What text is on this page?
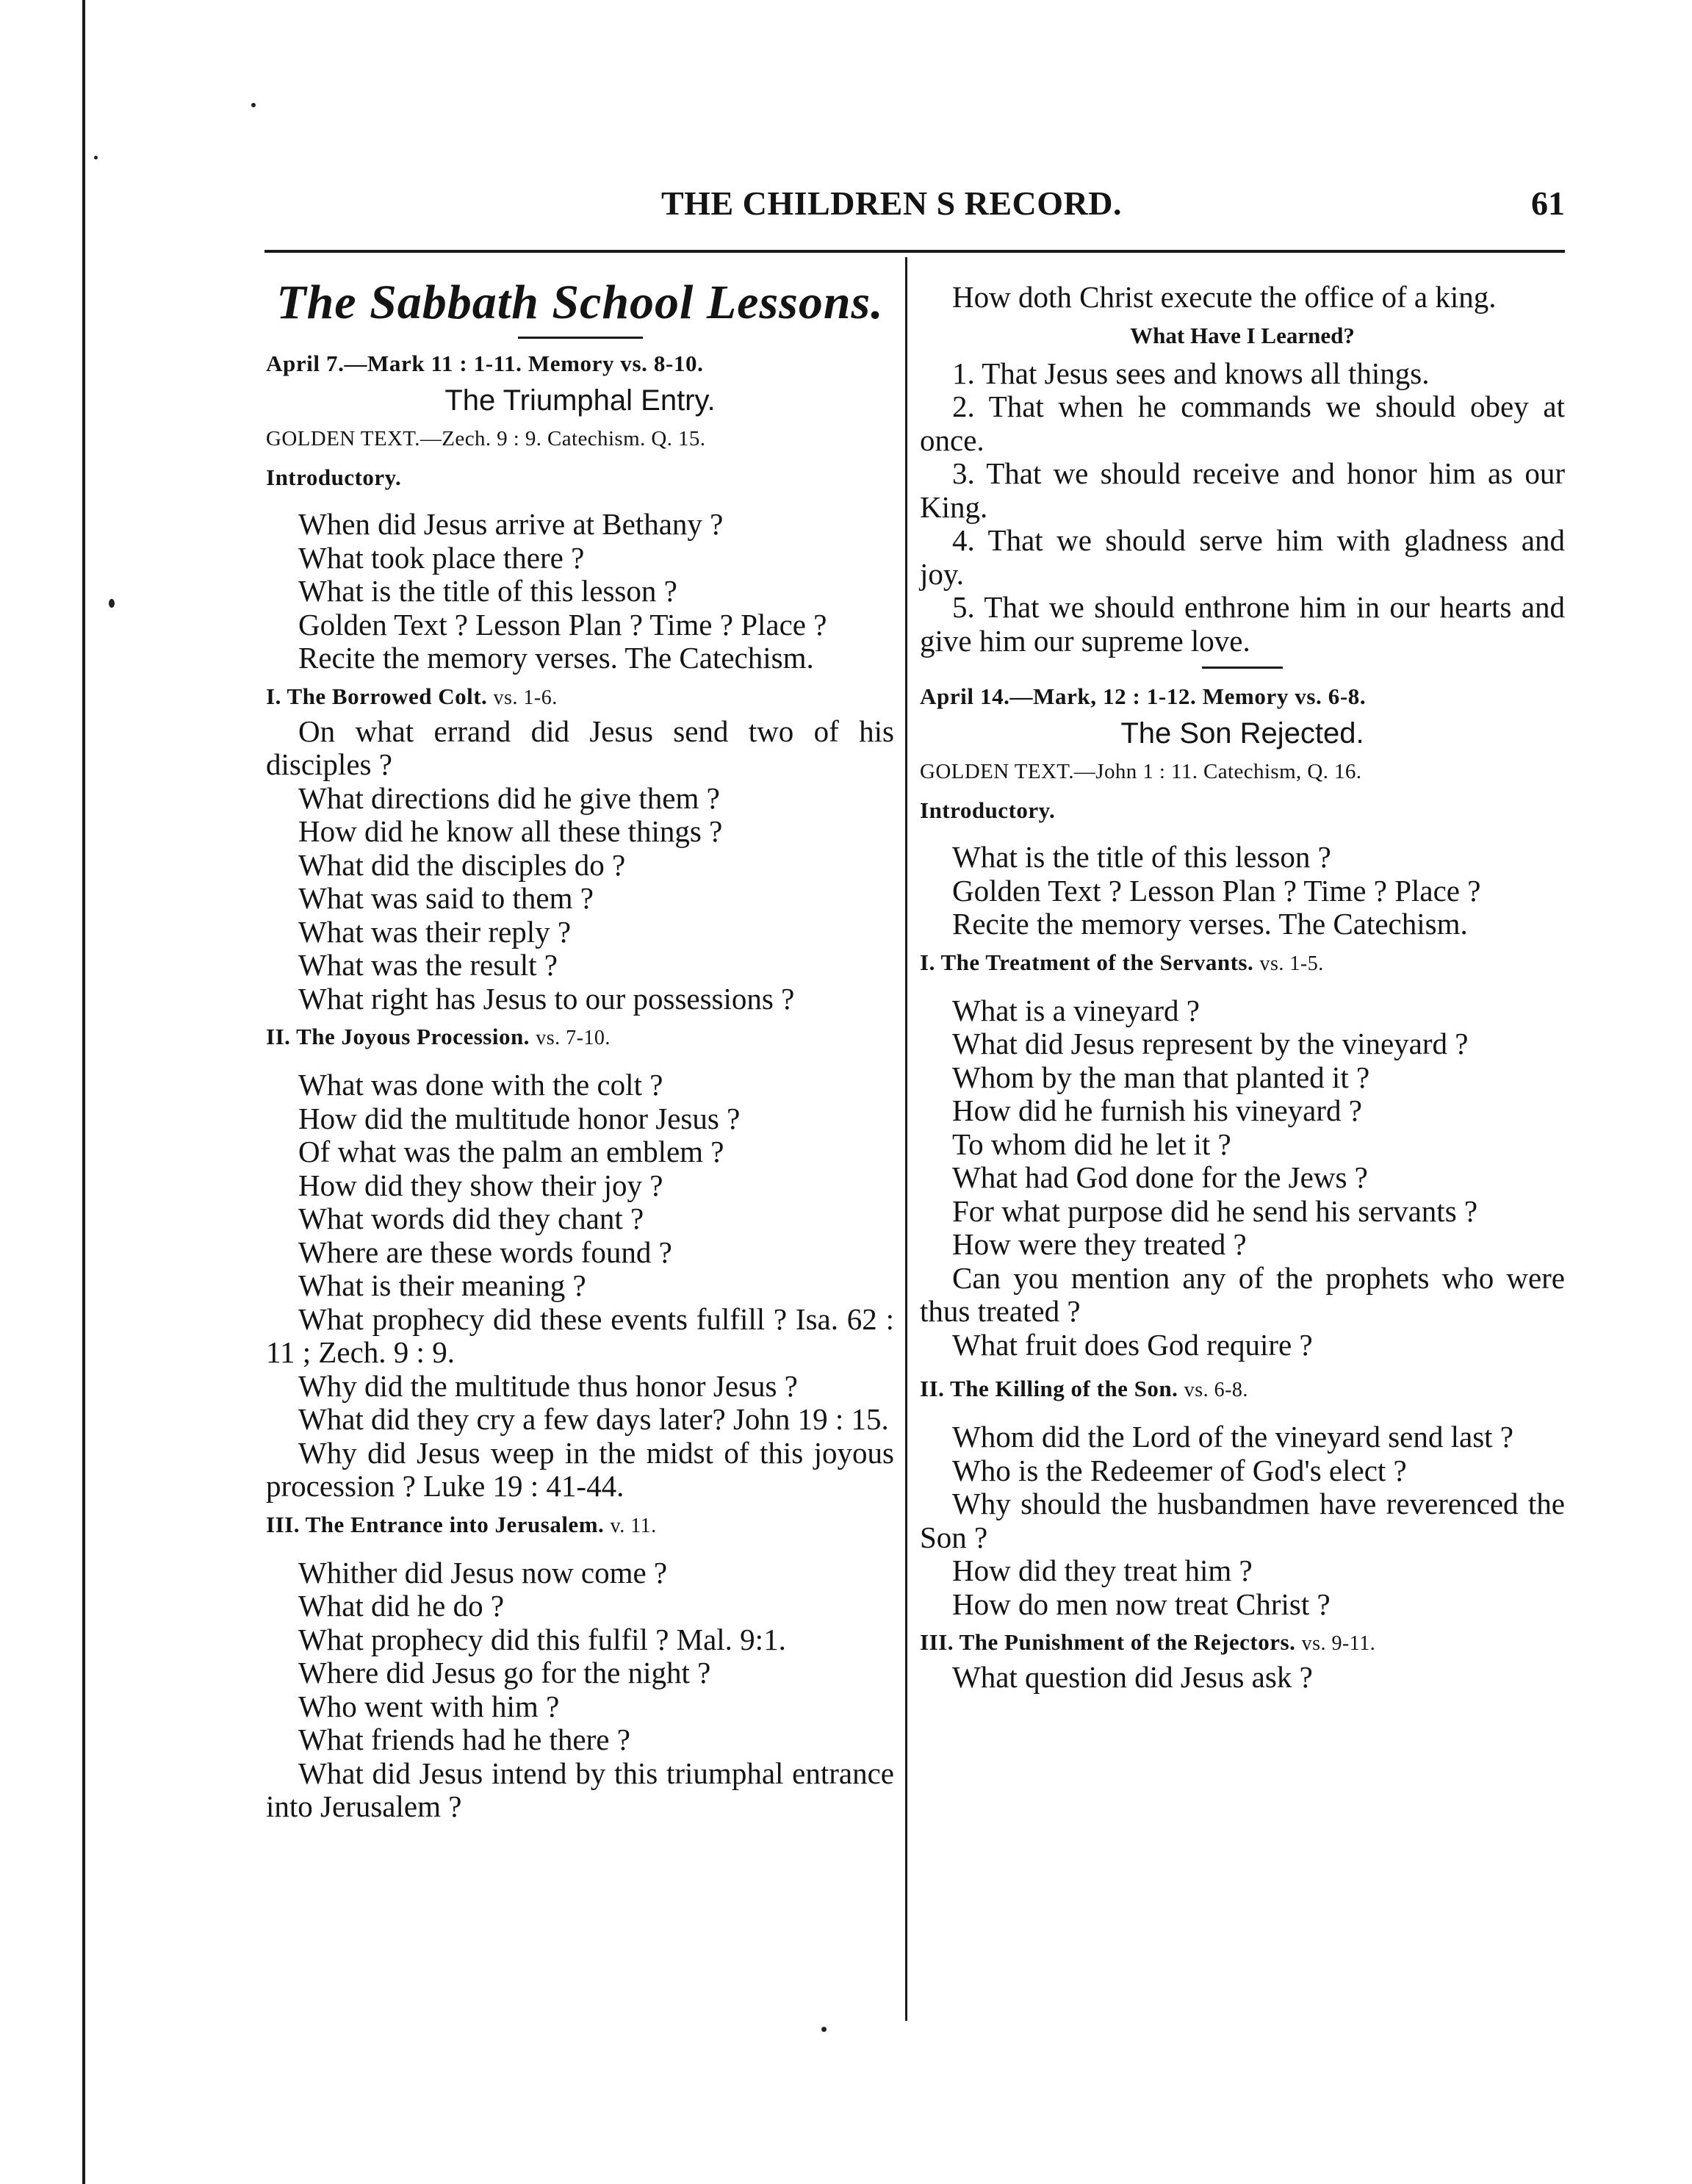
THE CHILDREN S RECORD.	61
The Sabbath School Lessons.
April 7.—Mark 11 : 1-11. Memory vs. 8-10.
The Triumphal Entry.
GOLDEN TEXT.—Zech. 9 : 9. Catechism. Q. 15.
Introductory.

When did Jesus arrive at Bethany ?

What took place there ?

What is the title of this lesson ?

Golden Text ? Lesson Plan ? Time ? Place ?

Recite the memory verses. The Catechism.

I. The Borrowed Colt. vs. 1-6.

On what errand did Jesus send two of his disciples ?

What directions did he give them ?

How did he know all these things ?

What did the disciples do ?

What was said to them ?

What was their reply ?

What was the result ?

What right has Jesus to our possessions ?

II. The Joyous Procession. vs. 7-10.

What was done with the colt ?

How did the multitude honor Jesus ?

Of what was the palm an emblem ?

How did they show their joy ?

What words did they chant ?

Where are these words found ?

What is their meaning ?

What prophecy did these events fulfill ? Isa. 62 : 11 ; Zech. 9 : 9.

Why did the multitude thus honor Jesus ?

What did they cry a few days later? John 19 : 15.

Why did Jesus weep in the midst of this joyous procession ? Luke 19 : 41-44.

III. The Entrance into Jerusalem. v. 11.

Whither did Jesus now come ?

What did he do ?

What prophecy did this fulfil ? Mal. 9:1.

Where did Jesus go for the night ?

Who went with him ?

What friends had he there ?

What did Jesus intend by this triumphal entrance into Jerusalem ?

How doth Christ execute the office of a king.

What Have I Learned?

1. That Jesus sees and knows all things.

2. That when he commands we should obey at once.

3. That we should receive and honor him as our King.

4. That we should serve him with gladness and joy.

5. That we should enthrone him in our hearts and give him our supreme love.

April 14.—Mark, 12 : 1-12. Memory vs. 6-8.
The Son Rejected.
GOLDEN TEXT.—John 1 : 11. Catechism, Q. 16.
Introductory.

What is the title of this lesson ?

Golden Text ? Lesson Plan ? Time ? Place ?

Recite the memory verses. The Catechism.

I. The Treatment of the Servants. vs. 1-5.

What is a vineyard ?

What did Jesus represent by the vineyard ?

Whom by the man that planted it ?

How did he furnish his vineyard ?

To whom did he let it ?

What had God done for the Jews ?

For what purpose did he send his servants ?

How were they treated ?

Can you mention any of the prophets who were thus treated ?

What fruit does God require ?

II. The Killing of the Son. vs. 6-8.

Whom did the Lord of the vineyard send last ?

Who is the Redeemer of God's elect ?

Why should the husbandmen have reverenced the Son ?

How did they treat him ?

How do men now treat Christ ?

III. The Punishment of the Rejectors. vs. 9-11.

What question did Jesus ask ?
